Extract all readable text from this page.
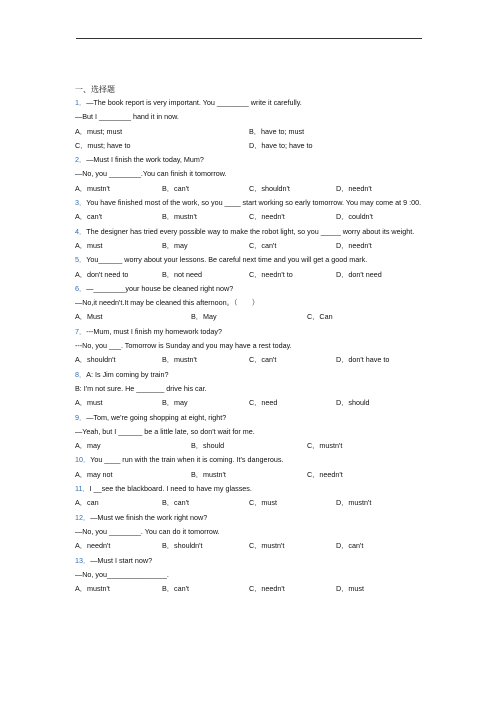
一、选择题
1．—The book report is very important. You ________ write it carefully.
—But I ________ hand it in now.
A．must; must	B．have to; must
C．must; have to	D．have to; have to
2．—Must I finish the work today, Mum?
—No, you ________.You can finish it tomorrow.
A．mustn't	B．can't	C．shouldn't	D．needn't
3．You have finished most of the work, so you ____ start working so early tomorrow. You may come at 9 :00.
A．can't	B．mustn't	C．needn't	D．couldn't
4．The designer has tried every possible way to make the robot light, so you _____ worry about its weight.
A．must	B．may	C．can't	D．needn't
5．You______ worry about your lessons. Be careful next time and you will get a good mark.
A．don't need to	B．not need	C．needn't to	D．don't need
6．—________your house be cleaned right now?
—No,it needn't.It may be cleaned this afternoon。（　　）
A．Must	B．May	C．Can
7．---Mum, must I finish my homework today?
---No, you ___. Tomorrow is Sunday and you may have a rest today.
A．shouldn't	B．mustn't	C．can't	D．don't have to
8．A: Is Jim coming by train?
B: I'm not sure. He _______ drive his car.
A．must	B．may	C．need	D．should
9．—Tom, we're going shopping at eight, right?
—Yeah, but I ______ be a little late, so don't wait for me.
A．may	B．should	C．mustn't
10．You ____ run with the train when it is coming. It's dangerous.
A．may not	B．mustn't	C．needn't
11．I __see the blackboard. I need to have my glasses.
A．can	B．can't	C．must	D．mustn't
12．—Must we finish the work right now?
—No, you ________. You can do it tomorrow.
A．needn't	B．shouldn't	C．mustn't	D．can't
13．—Must I start now?
—No, you_______________.
A．mustn't	B．can't	C．needn't	D．must
